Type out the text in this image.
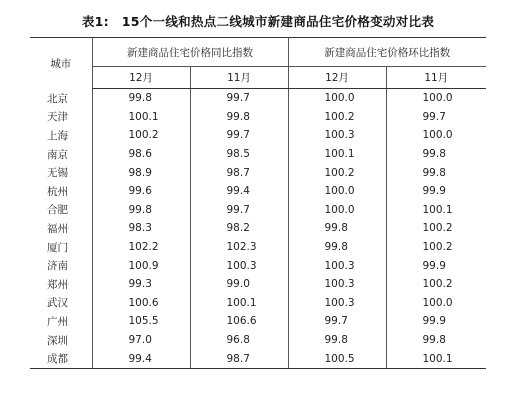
表1:　15个一线和热点二线城市新建商品住宅价格变动对比表
城市	新建商品住宅价格同比指数		新建商品住宅价格环比指数	
	12月	11月	12月	11月
北京	99.8	99.7	100.0	100.0
天津	100.1	99.8	100.2	99.7
上海	100.2	99.7	100.3	100.0
南京	98.6	98.5	100.1	99.8
无锡	98.9	98.7	100.2	99.8
杭州	99.6	99.4	100.0	99.9
合肥	99.8	99.7	100.0	100.1
福州	98.3	98.2	99.8	100.2
厦门	102.2	102.3	99.8	100.2
济南	100.9	100.3	100.3	99.9
郑州	99.3	99.0	100.3	100.2
武汉	100.6	100.1	100.3	100.0
广州	105.5	106.6	99.7	99.9
深圳	97.0	96.8	99.8	99.8
成都	99.4	98.7	100.5	100.1
